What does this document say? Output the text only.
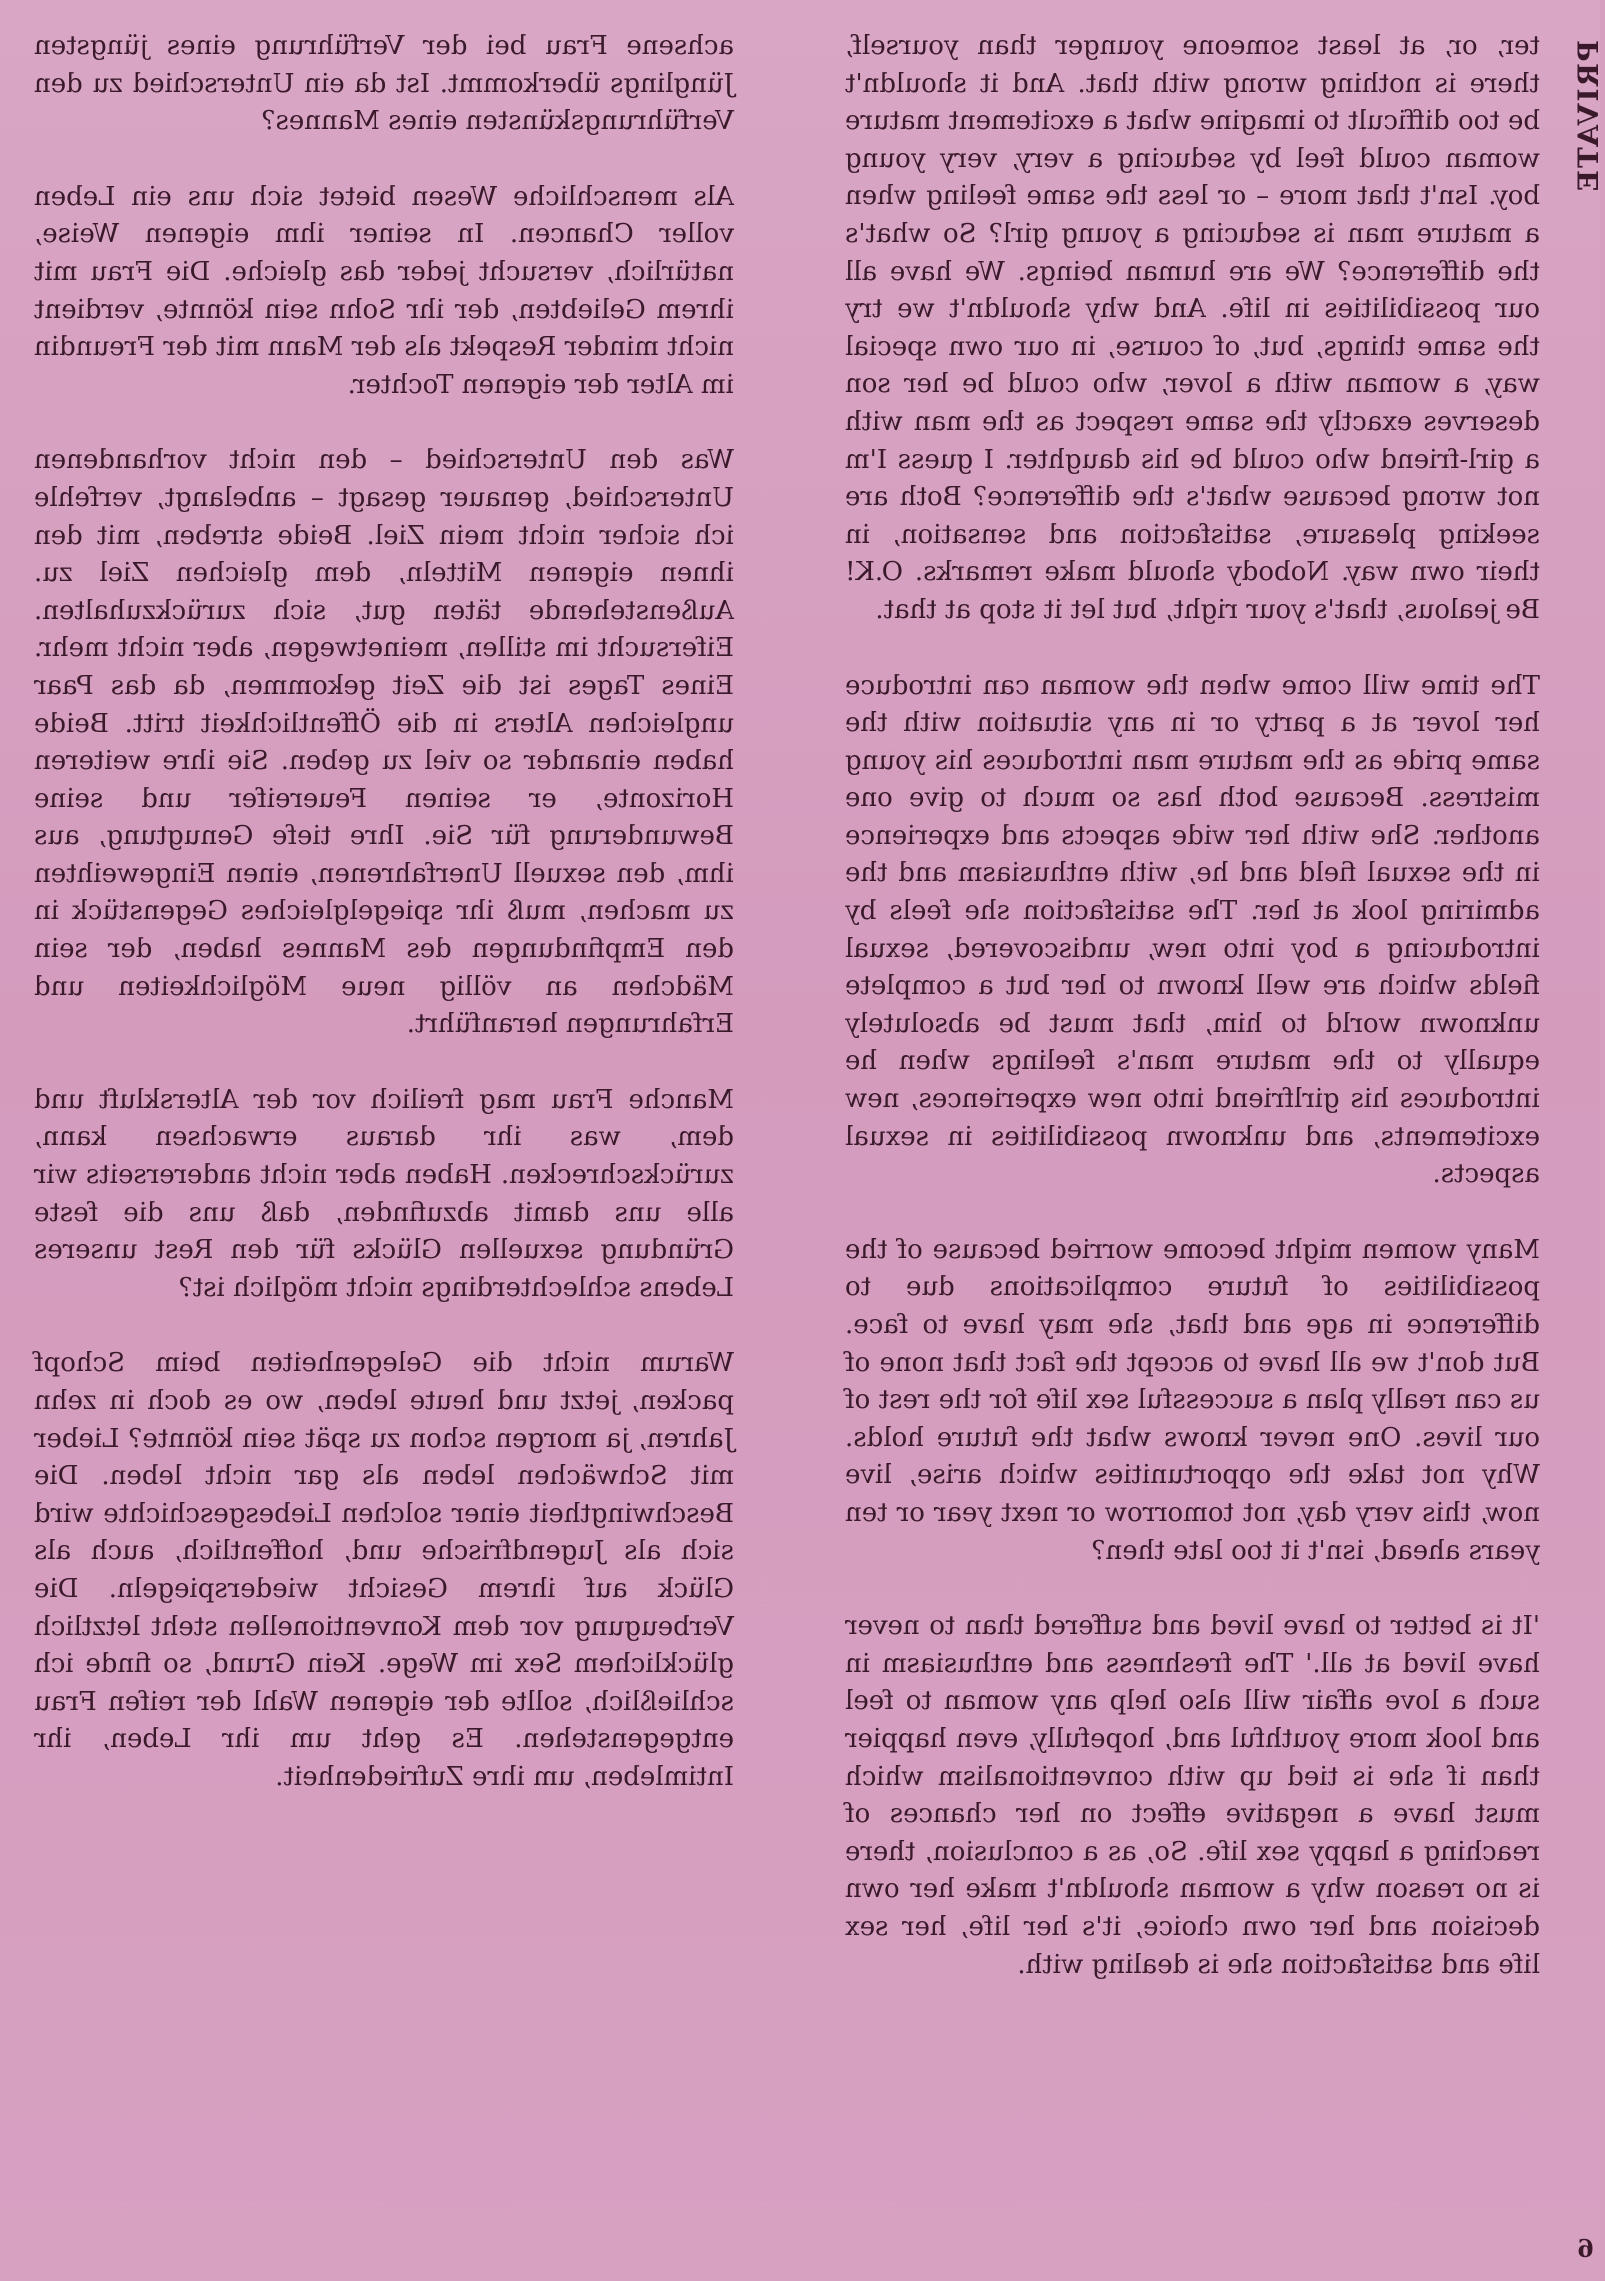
PRIVATE

ter, or, at least someone younger than yourself, there is nothing wrong with that. And it shouldn't be too difficult to imagine what a excitement mature woman could feel by seducing a very, very young boy. Isn't that more – or less the same feeling when a mature man is seducing a young girl? So what's the difference? We are human beings. We have all our possibilities in life. And why shouldn't we try the same things, but, of course, in our own special way, a woman with a lover, who could be her son deserves exactly the same respect as the man with a girl-friend who could be his daughter. I guess I'm not wrong because what's the difference? Both are seeking pleasure, satisfaction and sensation, in their own way. Nobody should make remarks. O.K! Be jealous, that's your right, but let it stop at that.

The time will come when the woman can introduce her lover at a party or in any situation with the same pride as the mature man introduces his young mistress. Because both has so much to give one another. She with her wide aspects and experience in the sexual field and he, with enthusiasm and the admiring look at her. The satisfaction she feels by introducing a boy into new, undiscovered, sexual fields which are well known to her but a complete unknown world to him, that must be absolutely equally to the mature man's feelings when he introduces his girlfriend into new experiences, new excitements, and unknown possibilities in sexual aspects.

Many women might become worried because of the possibilities of future complications due to difference in age and that, she may have to face. But don't we all have to accept the fact that none of us can really plan a successful sex life for the rest of our lives. One never knows what the future holds. Why not take the opportunities which arise, live now, this very day, not tomorrow or next year or ten years ahead, isn't it too late then?

'It is better to have lived and suffered than to never have lived at all.' The freshness and enthusiasm in such a love affair will also help any woman to feel and look more youthful and, hopefully, even happier than if she is tied up with conventionalism which must have a negative effect on her chances of reaching a happy sex life. So, as a conclusion, there is no reason why a woman shouldn't make her own decision and her own choice, it's her life, her sex life and satisfaction she is dealing with.

achsene Frau bei der Verführung eines jüngsten Jünglings überkommt. Ist da ein Unterschied zu den Verführungskünsten eines Mannes?

Als menschliche Wesen bietet sich uns ein Leben voller Chancen. In seiner ihm eigenen Weise, natürlich, versucht jeder das gleiche. Die Frau mit ihrem Geliebten, der ihr Sohn sein könnte, verdient nicht minder Respekt als der Mann mit der Freundin im Alter der eigenen Tochter.

Was den Unterschied – den nicht vorhandenen Unterschied, genauer gesagt – anbelangt, verfehle ich sicher nicht mein Ziel. Beide streben, mit den ihnen eigenen Mitteln, dem gleichen Ziel zu. Außenstehende täten gut, sich zurückzuhalten. Eifersucht im stillen, meinetwegen, aber nicht mehr. Eines Tages ist die Zeit gekommen, da das Paar ungleichen Alters in die Öffentlichkeit tritt. Beide haben einander so viel zu geben. Sie ihre weiteren Horizonte, er seinen Feuereifer und seine Bewunderung für Sie. Ihre tiefe Genugtung, aus ihm, den sexuell Unerfahrenen, einen Eingeweihten zu machen, muß ihr spiegelgleiches Gegenstück in den Empfindungen des Mannes haben, der sein Mädchen an völlig neue Möglichkeiten und Erfahrungen heranführt.

Manche Frau mag freilich vor der Alterskluft und dem, was ihr daraus erwachsen kann, zurückschrecken. Haben aber nicht andererseits wir alle uns damit abzufinden, daß uns die feste Gründung sexuellen Glücks für den Rest unseres Lebens schlechterdings nicht möglich ist?

Warum nicht die Gelegenheiten beim Schopf packen, jetzt und heute leben, wo es doch in zehn Jahren, ja morgen schon zu spät sein könnte? Lieber mit Schwächen leben als gar nicht leben. Die Beschwingtheit einer solchen Liebesgeschichte wird sich als Jugendfrische und, hoffentlich, auch als Glück auf ihrem Gesicht wiederspiegeln. Die Verbeugung vor dem Konventionellen steht letztlich glücklichem Sex im Wege. Kein Grund, so finde ich schließlich, sollte der eigenen Wahl der reifen Frau entgegenstehen. Es geht um ihr Leben, ihr Intimleben, um ihre Zufriedenheit.

6
